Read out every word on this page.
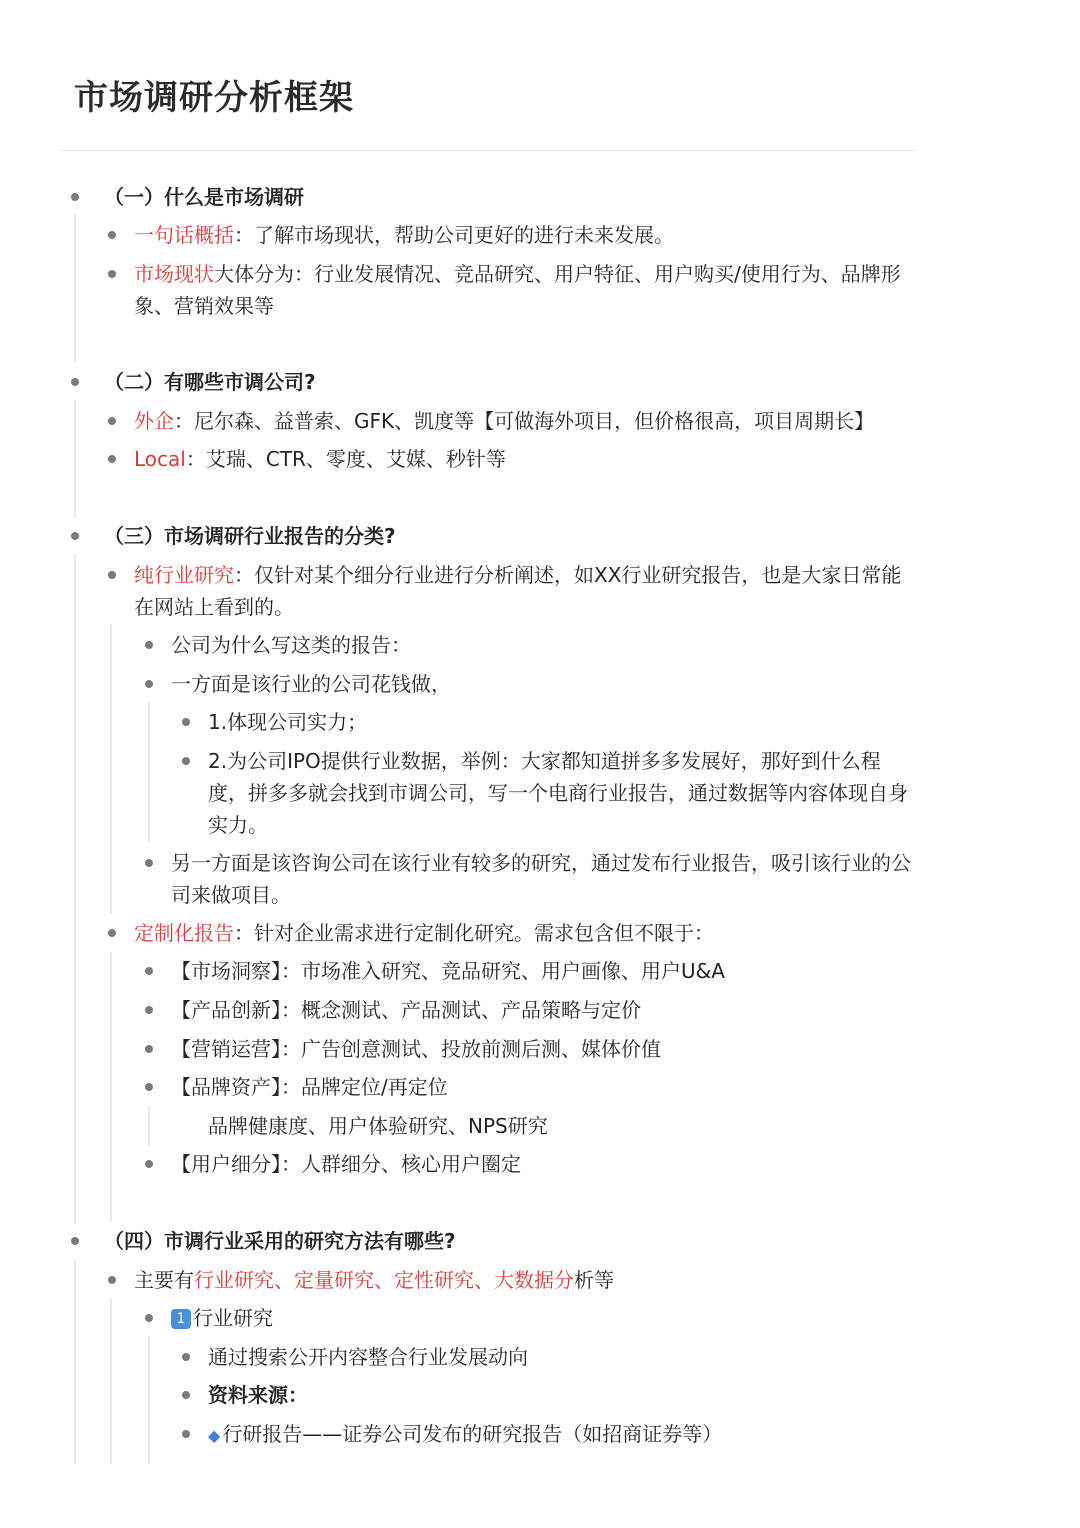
市场调研分析框架
（一）什么是市场调研
一句话概括：了解市场现状，帮助公司更好的进行未来发展。
市场现状大体分为：行业发展情况、竞品研究、用户特征、用户购买/使用行为、品牌形象、营销效果等
（二）有哪些市调公司?
外企：尼尔森、益普索、GFK、凯度等【可做海外项目，但价格很高，项目周期长】
Local：艾瑞、CTR、零度、艾媒、秒针等
（三）市场调研行业报告的分类?
纯行业研究：仅针对某个细分行业进行分析阐述，如XX行业研究报告，也是大家日常能在网站上看到的。
公司为什么写这类的报告：
一方面是该行业的公司花钱做，
1.体现公司实力；
2.为公司IPO提供行业数据，举例：大家都知道拼多多发展好，那好到什么程度，拼多多就会找到市调公司，写一个电商行业报告，通过数据等内容体现自身实力。
另一方面是该咨询公司在该行业有较多的研究，通过发布行业报告，吸引该行业的公司来做项目。
定制化报告：针对企业需求进行定制化研究。需求包含但不限于：
【市场洞察】：市场准入研究、竞品研究、用户画像、用户U&A
【产品创新】：概念测试、产品测试、产品策略与定价
【营销运营】：广告创意测试、投放前测后测、媒体价值
【品牌资产】：品牌定位/再定位
品牌健康度、用户体验研究、NPS研究
【用户细分】：人群细分、核心用户圈定
（四）市调行业采用的研究方法有哪些?
主要有行业研究、定量研究、定性研究、大数据分析等
1 行业研究
通过搜索公开内容整合行业发展动向
资料来源：
◆ 行研报告——证券公司发布的研究报告（如招商证券等）
